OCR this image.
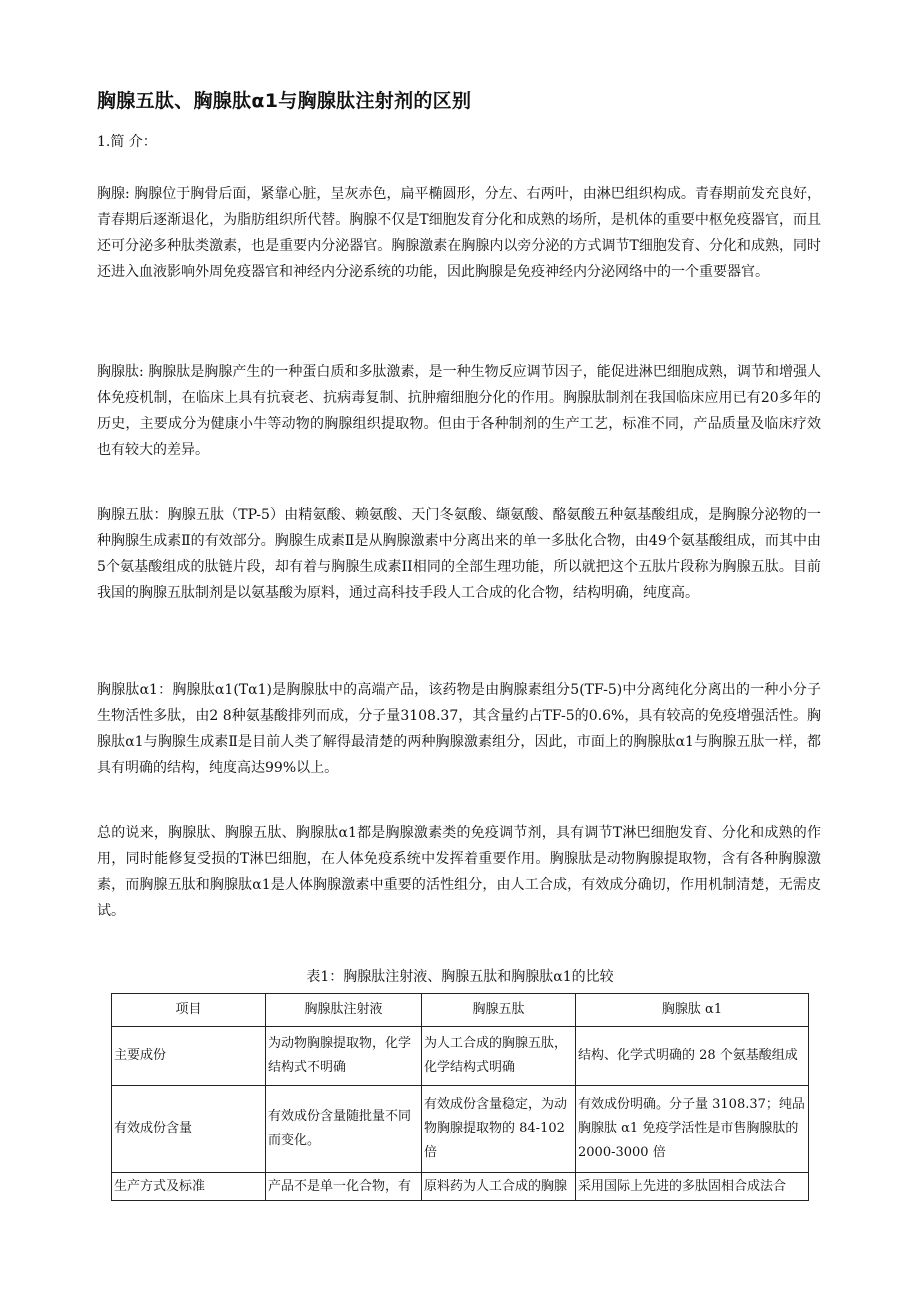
胸腺五肽、胸腺肽α1与胸腺肽注射剂的区别

1.简 介：

胸腺: 胸腺位于胸骨后面，紧靠心脏，呈灰赤色，扁平椭圆形，分左、右两叶，由淋巴组织构成。青春期前发充良好，青春期后逐渐退化，为脂肪组织所代替。胸腺不仅是T细胞发育分化和成熟的场所，是机体的重要中枢免疫器官，而且还可分泌多种肽类激素，也是重要内分泌器官。胸腺激素在胸腺内以旁分泌的方式调节T细胞发育、分化和成熟，同时还进入血液影响外周免疫器官和神经内分泌系统的功能，因此胸腺是免疫神经内分泌网络中的一个重要器官。

胸腺肽: 胸腺肽是胸腺产生的一种蛋白质和多肽激素，是一种生物反应调节因子，能促进淋巴细胞成熟，调节和增强人体免疫机制，在临床上具有抗衰老、抗病毒复制、抗肿瘤细胞分化的作用。胸腺肽制剂在我国临床应用已有20多年的历史，主要成分为健康小牛等动物的胸腺组织提取物。但由于各种制剂的生产工艺，标准不同，产品质量及临床疗效也有较大的差异。

胸腺五肽：胸腺五肽（TP-5）由精氨酸、赖氨酸、天门冬氨酸、缬氨酸、酪氨酸五种氨基酸组成，是胸腺分泌物的一种胸腺生成素Ⅱ的有效部分。胸腺生成素Ⅱ是从胸腺激素中分离出来的单一多肽化合物，由49个氨基酸组成，而其中由5个氨基酸组成的肽链片段，却有着与胸腺生成素II相同的全部生理功能，所以就把这个五肽片段称为胸腺五肽。目前我国的胸腺五肽制剂是以氨基酸为原料，通过高科技手段人工合成的化合物，结构明确，纯度高。

胸腺肽α1：胸腺肽α1(Tα1)是胸腺肽中的高端产品，该药物是由胸腺素组分5(TF-5)中分离纯化分离出的一种小分子生物活性多肽，由2 8种氨基酸排列而成，分子量3108.37，其含量约占TF-5的0.6%，具有较高的免疫增强活性。胸腺肽α1与胸腺生成素Ⅱ是目前人类了解得最清楚的两种胸腺激素组分，因此，市面上的胸腺肽α1与胸腺五肽一样，都具有明确的结构，纯度高达99%以上。

总的说来，胸腺肽、胸腺五肽、胸腺肽α1都是胸腺激素类的免疫调节剂，具有调节T淋巴细胞发育、分化和成熟的作用，同时能修复受损的T淋巴细胞，在人体免疫系统中发挥着重要作用。胸腺肽是动物胸腺提取物，含有各种胸腺激素，而胸腺五肽和胸腺肽α1是人体胸腺激素中重要的活性组分，由人工合成，有效成分确切，作用机制清楚，无需皮试。

表1：胸腺肽注射液、胸腺五肽和胸腺肽α1的比较

项目	胸腺肽注射液	胸腺五肽	胸腺肽 α1
主要成份	为动物胸腺提取物，化学结构式不明确	为人工合成的胸腺五肽，化学结构式明确	结构、化学式明确的 28 个氨基酸组成
有效成份含量	有效成份含量随批量不同而变化。	有效成份含量稳定，为动物胸腺提取物的 84-102 倍	有效成份明确。分子量 3108.37；纯品胸腺肽 α1 免疫学活性是市售胸腺肽的 2000-3000 倍

生产方式及标准	产品不是单一化合物，有	原料药为人工合成的胸腺	采用国际上先进的多肽固相合成法合
